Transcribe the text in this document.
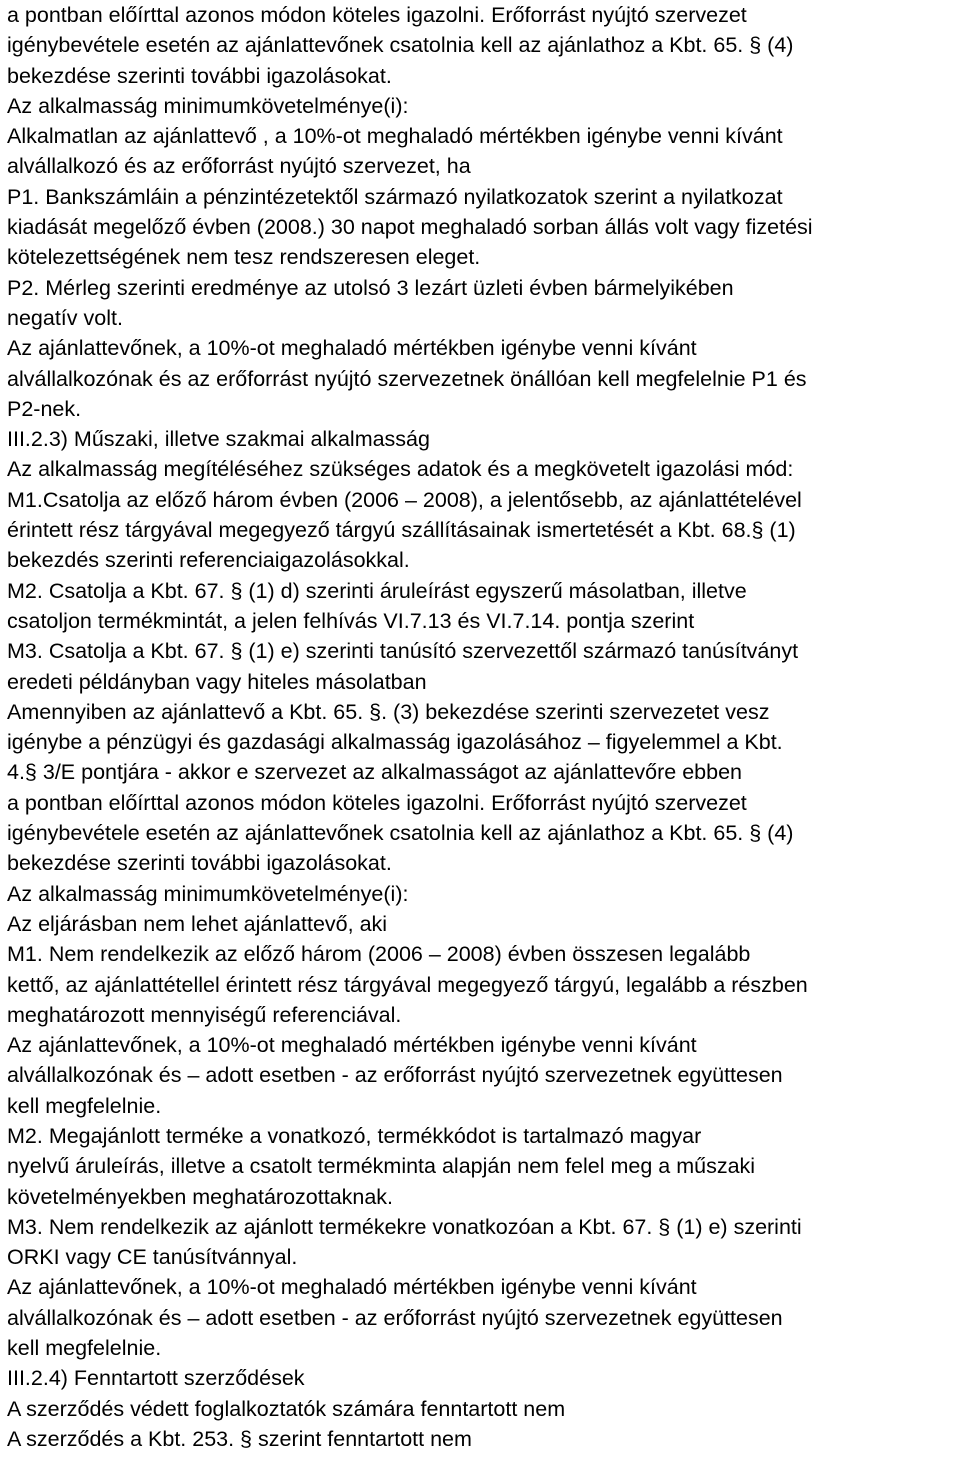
a pontban előírttal azonos módon köteles igazolni. Erőforrást nyújtó szervezet
igénybevétele esetén az ajánlattevőnek csatolnia kell az ajánlathoz a Kbt. 65. § (4)
bekezdése szerinti további igazolásokat.
Az alkalmasság minimumkövetelménye(i):
Alkalmatlan az ajánlattevő , a 10%-ot meghaladó mértékben igénybe venni kívánt
alvállalkozó és az erőforrást nyújtó szervezet, ha
P1. Bankszámláin a pénzintézetektől származó nyilatkozatok szerint a nyilatkozat
kiadását megelőző évben (2008.) 30 napot meghaladó sorban állás volt vagy fizetési
kötelezettségének nem tesz rendszeresen eleget.
P2. Mérleg szerinti eredménye az utolsó 3 lezárt üzleti évben bármelyikében
negatív volt.
Az ajánlattevőnek, a 10%-ot meghaladó mértékben igénybe venni kívánt
alvállalkozónak és az erőforrást nyújtó szervezetnek önállóan kell megfelelnie P1 és
P2-nek.
III.2.3) Műszaki, illetve szakmai alkalmasság
Az alkalmasság megítéléséhez szükséges adatok és a megkövetelt igazolási mód:
M1.Csatolja az előző három évben (2006 – 2008), a jelentősebb, az ajánlattételével
érintett rész tárgyával megegyező tárgyú szállításainak ismertetését a Kbt. 68.§ (1)
bekezdés szerinti referenciaigazolásokkal.
M2. Csatolja a Kbt. 67. § (1) d) szerinti áruleírást egyszerű másolatban, illetve
csatoljon termékmintát, a jelen felhívás VI.7.13 és VI.7.14. pontja szerint
M3. Csatolja a Kbt. 67. § (1) e) szerinti tanúsító szervezettől származó tanúsítványt
eredeti példányban vagy hiteles másolatban
Amennyiben az ajánlattevő a Kbt. 65. §. (3) bekezdése szerinti szervezetet vesz
igénybe a pénzügyi és gazdasági alkalmasság igazolásához – figyelemmel a Kbt.
4.§ 3/E pontjára - akkor e szervezet az alkalmasságot az ajánlattevőre ebben
a pontban előírttal azonos módon köteles igazolni. Erőforrást nyújtó szervezet
igénybevétele esetén az ajánlattevőnek csatolnia kell az ajánlathoz a Kbt. 65. § (4)
bekezdése szerinti további igazolásokat.
Az alkalmasság minimumkövetelménye(i):
Az eljárásban nem lehet ajánlattevő, aki
M1. Nem rendelkezik az előző három (2006 – 2008) évben összesen legalább
kettő, az ajánlattétellel érintett rész tárgyával megegyező tárgyú, legalább a részben
meghatározott mennyiségű referenciával.
Az ajánlattevőnek, a 10%-ot meghaladó mértékben igénybe venni kívánt
alvállalkozónak és – adott esetben - az erőforrást nyújtó szervezetnek együttesen
kell megfelelnie.
M2. Megajánlott terméke a vonatkozó, termékkódot is tartalmazó magyar
nyelvű áruleírás, illetve a csatolt termékminta alapján nem felel meg a műszaki
követelményekben meghatározottaknak.
M3. Nem rendelkezik az ajánlott termékekre vonatkozóan a Kbt. 67. § (1) e) szerinti
ORKI vagy CE tanúsítvánnyal.
Az ajánlattevőnek, a 10%-ot meghaladó mértékben igénybe venni kívánt
alvállalkozónak és – adott esetben - az erőforrást nyújtó szervezetnek együttesen
kell megfelelnie.
III.2.4) Fenntartott szerződések
A szerződés védett foglalkoztatók számára fenntartott nem
A szerződés a Kbt. 253. § szerint fenntartott nem
